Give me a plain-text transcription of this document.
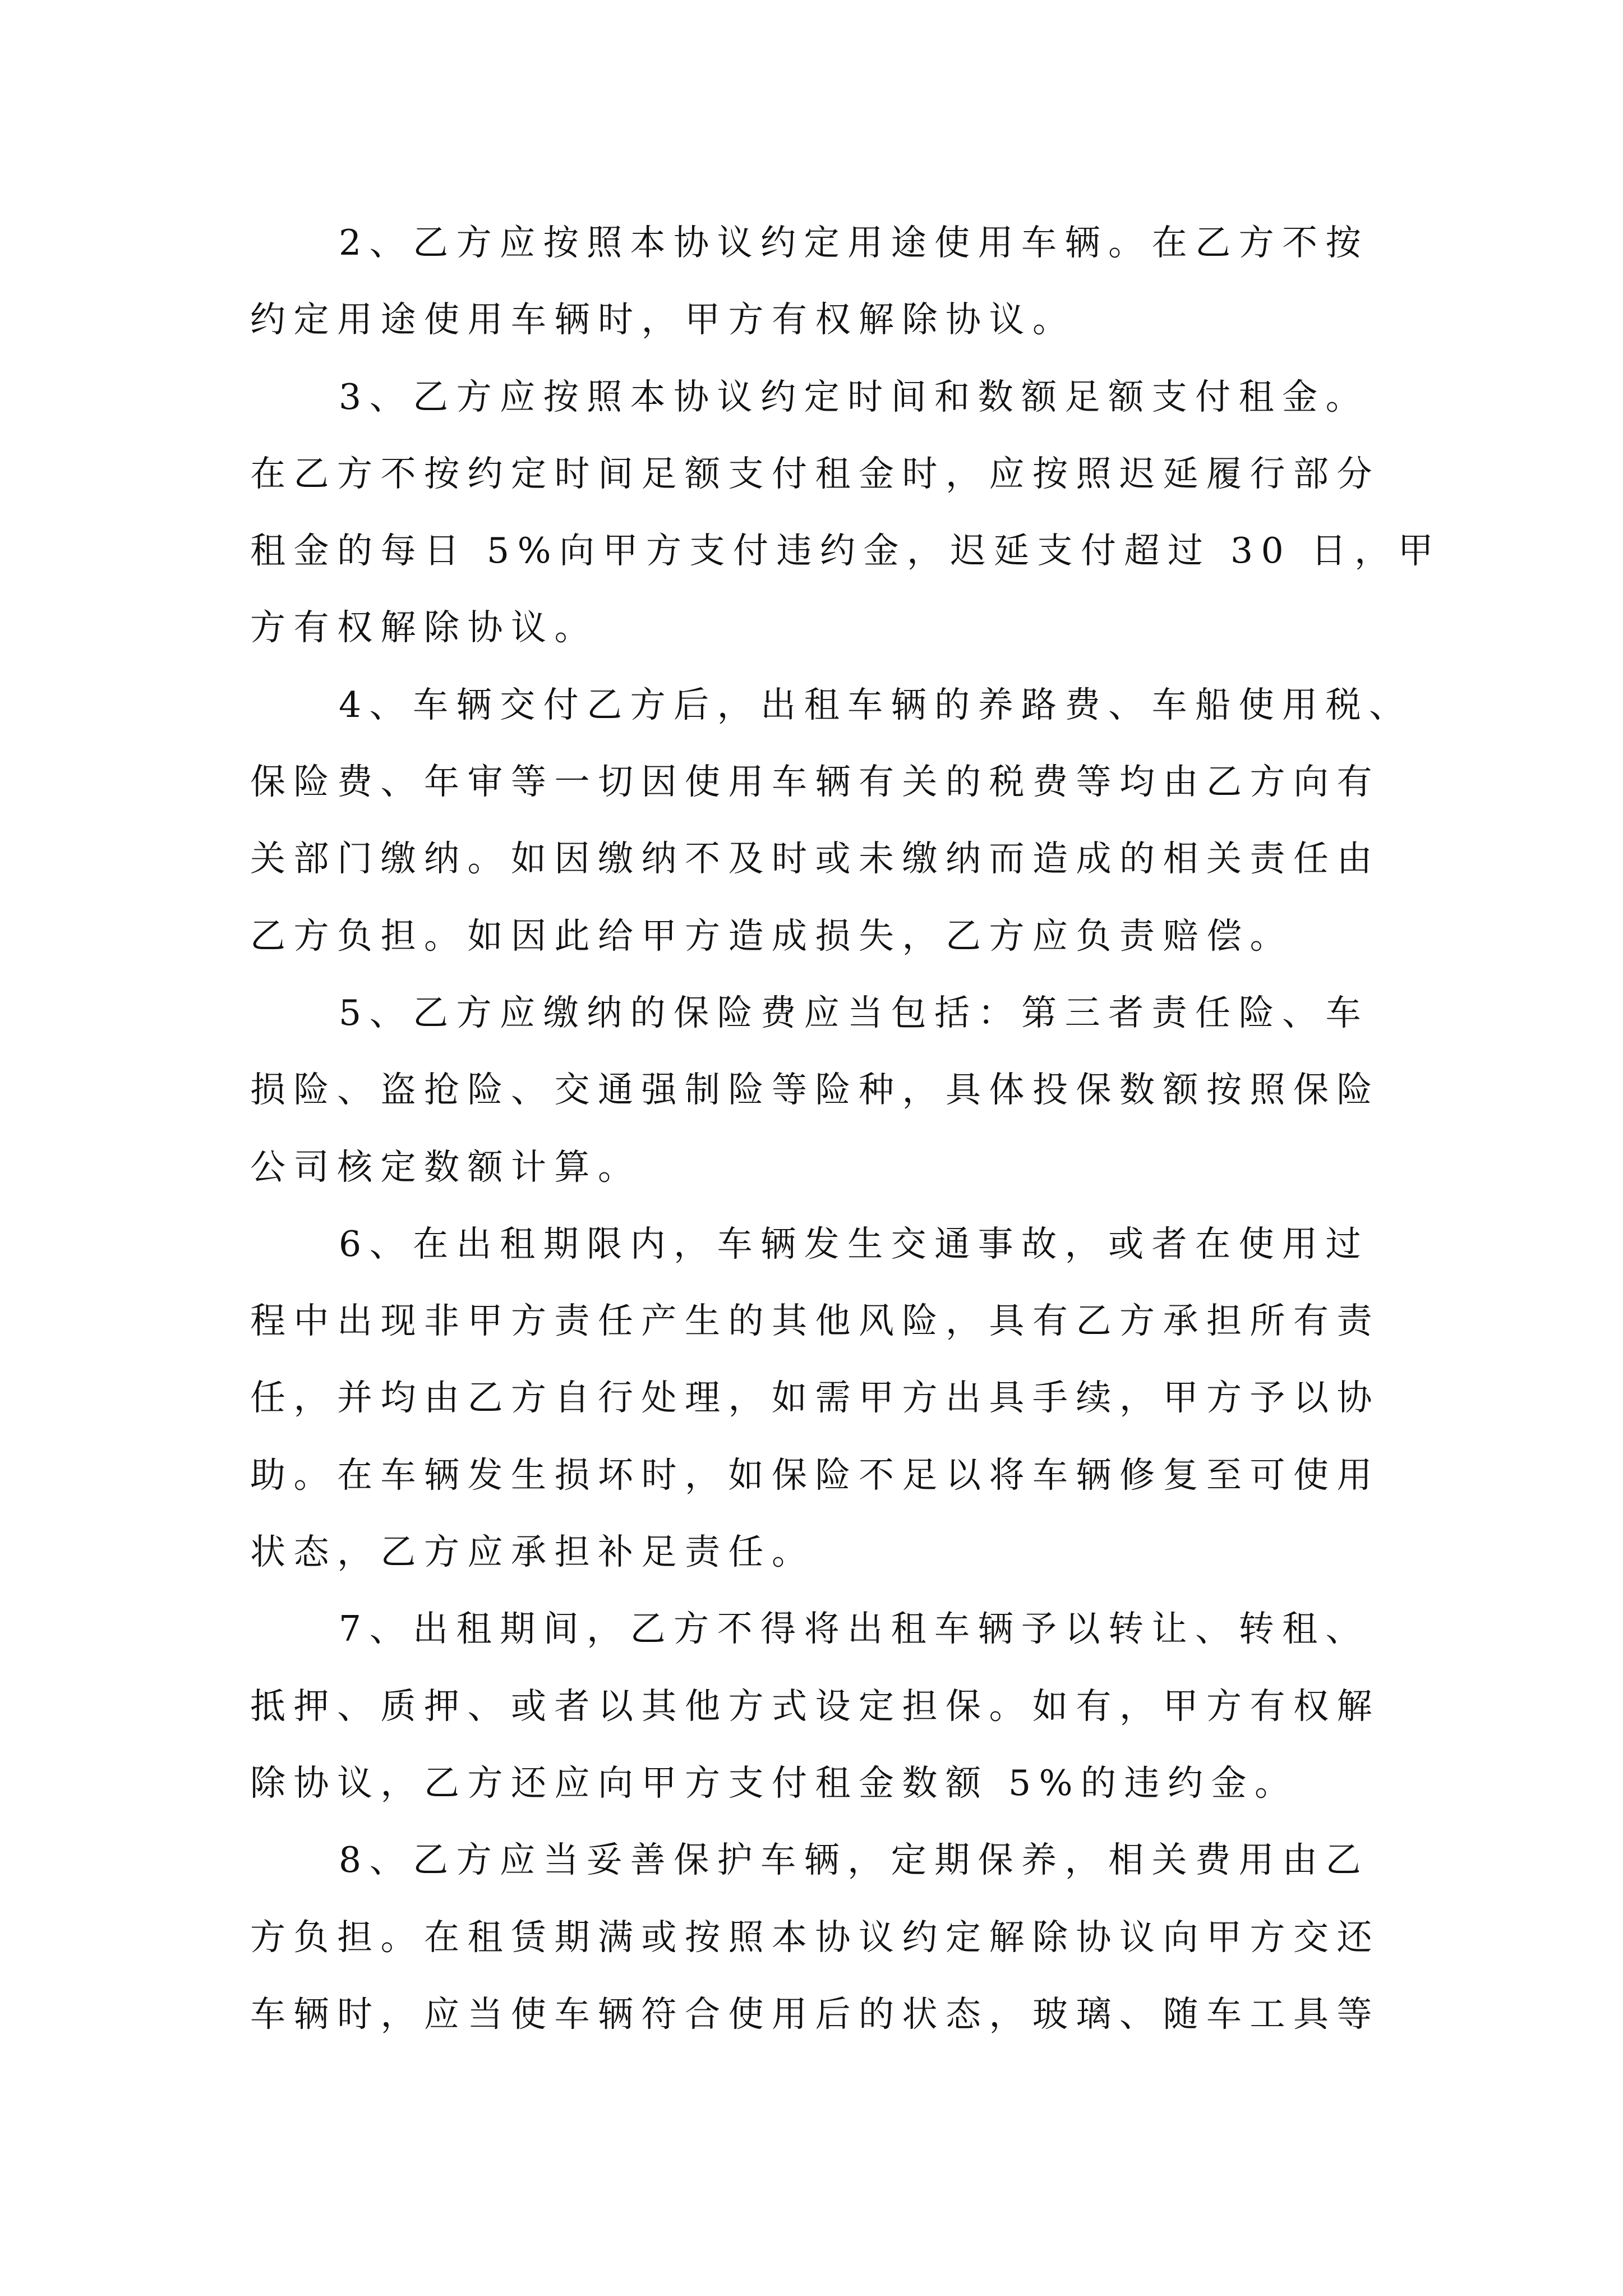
2、乙方应按照本协议约定用途使用车辆。在乙方不按
约定用途使用车辆时，甲方有权解除协议。
3、乙方应按照本协议约定时间和数额足额支付租金。
在乙方不按约定时间足额支付租金时，应按照迟延履行部分
租金的每日 5%向甲方支付违约金，迟延支付超过 30 日，甲
方有权解除协议。
4、车辆交付乙方后，出租车辆的养路费、车船使用税、
保险费、年审等一切因使用车辆有关的税费等均由乙方向有
关部门缴纳。如因缴纳不及时或未缴纳而造成的相关责任由
乙方负担。如因此给甲方造成损失，乙方应负责赔偿。
5、乙方应缴纳的保险费应当包括：第三者责任险、车
损险、盗抢险、交通强制险等险种，具体投保数额按照保险
公司核定数额计算。
6、在出租期限内，车辆发生交通事故，或者在使用过
程中出现非甲方责任产生的其他风险，具有乙方承担所有责
任，并均由乙方自行处理，如需甲方出具手续，甲方予以协
助。在车辆发生损坏时，如保险不足以将车辆修复至可使用
状态，乙方应承担补足责任。
7、出租期间，乙方不得将出租车辆予以转让、转租、
抵押、质押、或者以其他方式设定担保。如有，甲方有权解
除协议，乙方还应向甲方支付租金数额 5%的违约金。
8、乙方应当妥善保护车辆，定期保养，相关费用由乙
方负担。在租赁期满或按照本协议约定解除协议向甲方交还
车辆时，应当使车辆符合使用后的状态，玻璃、随车工具等
